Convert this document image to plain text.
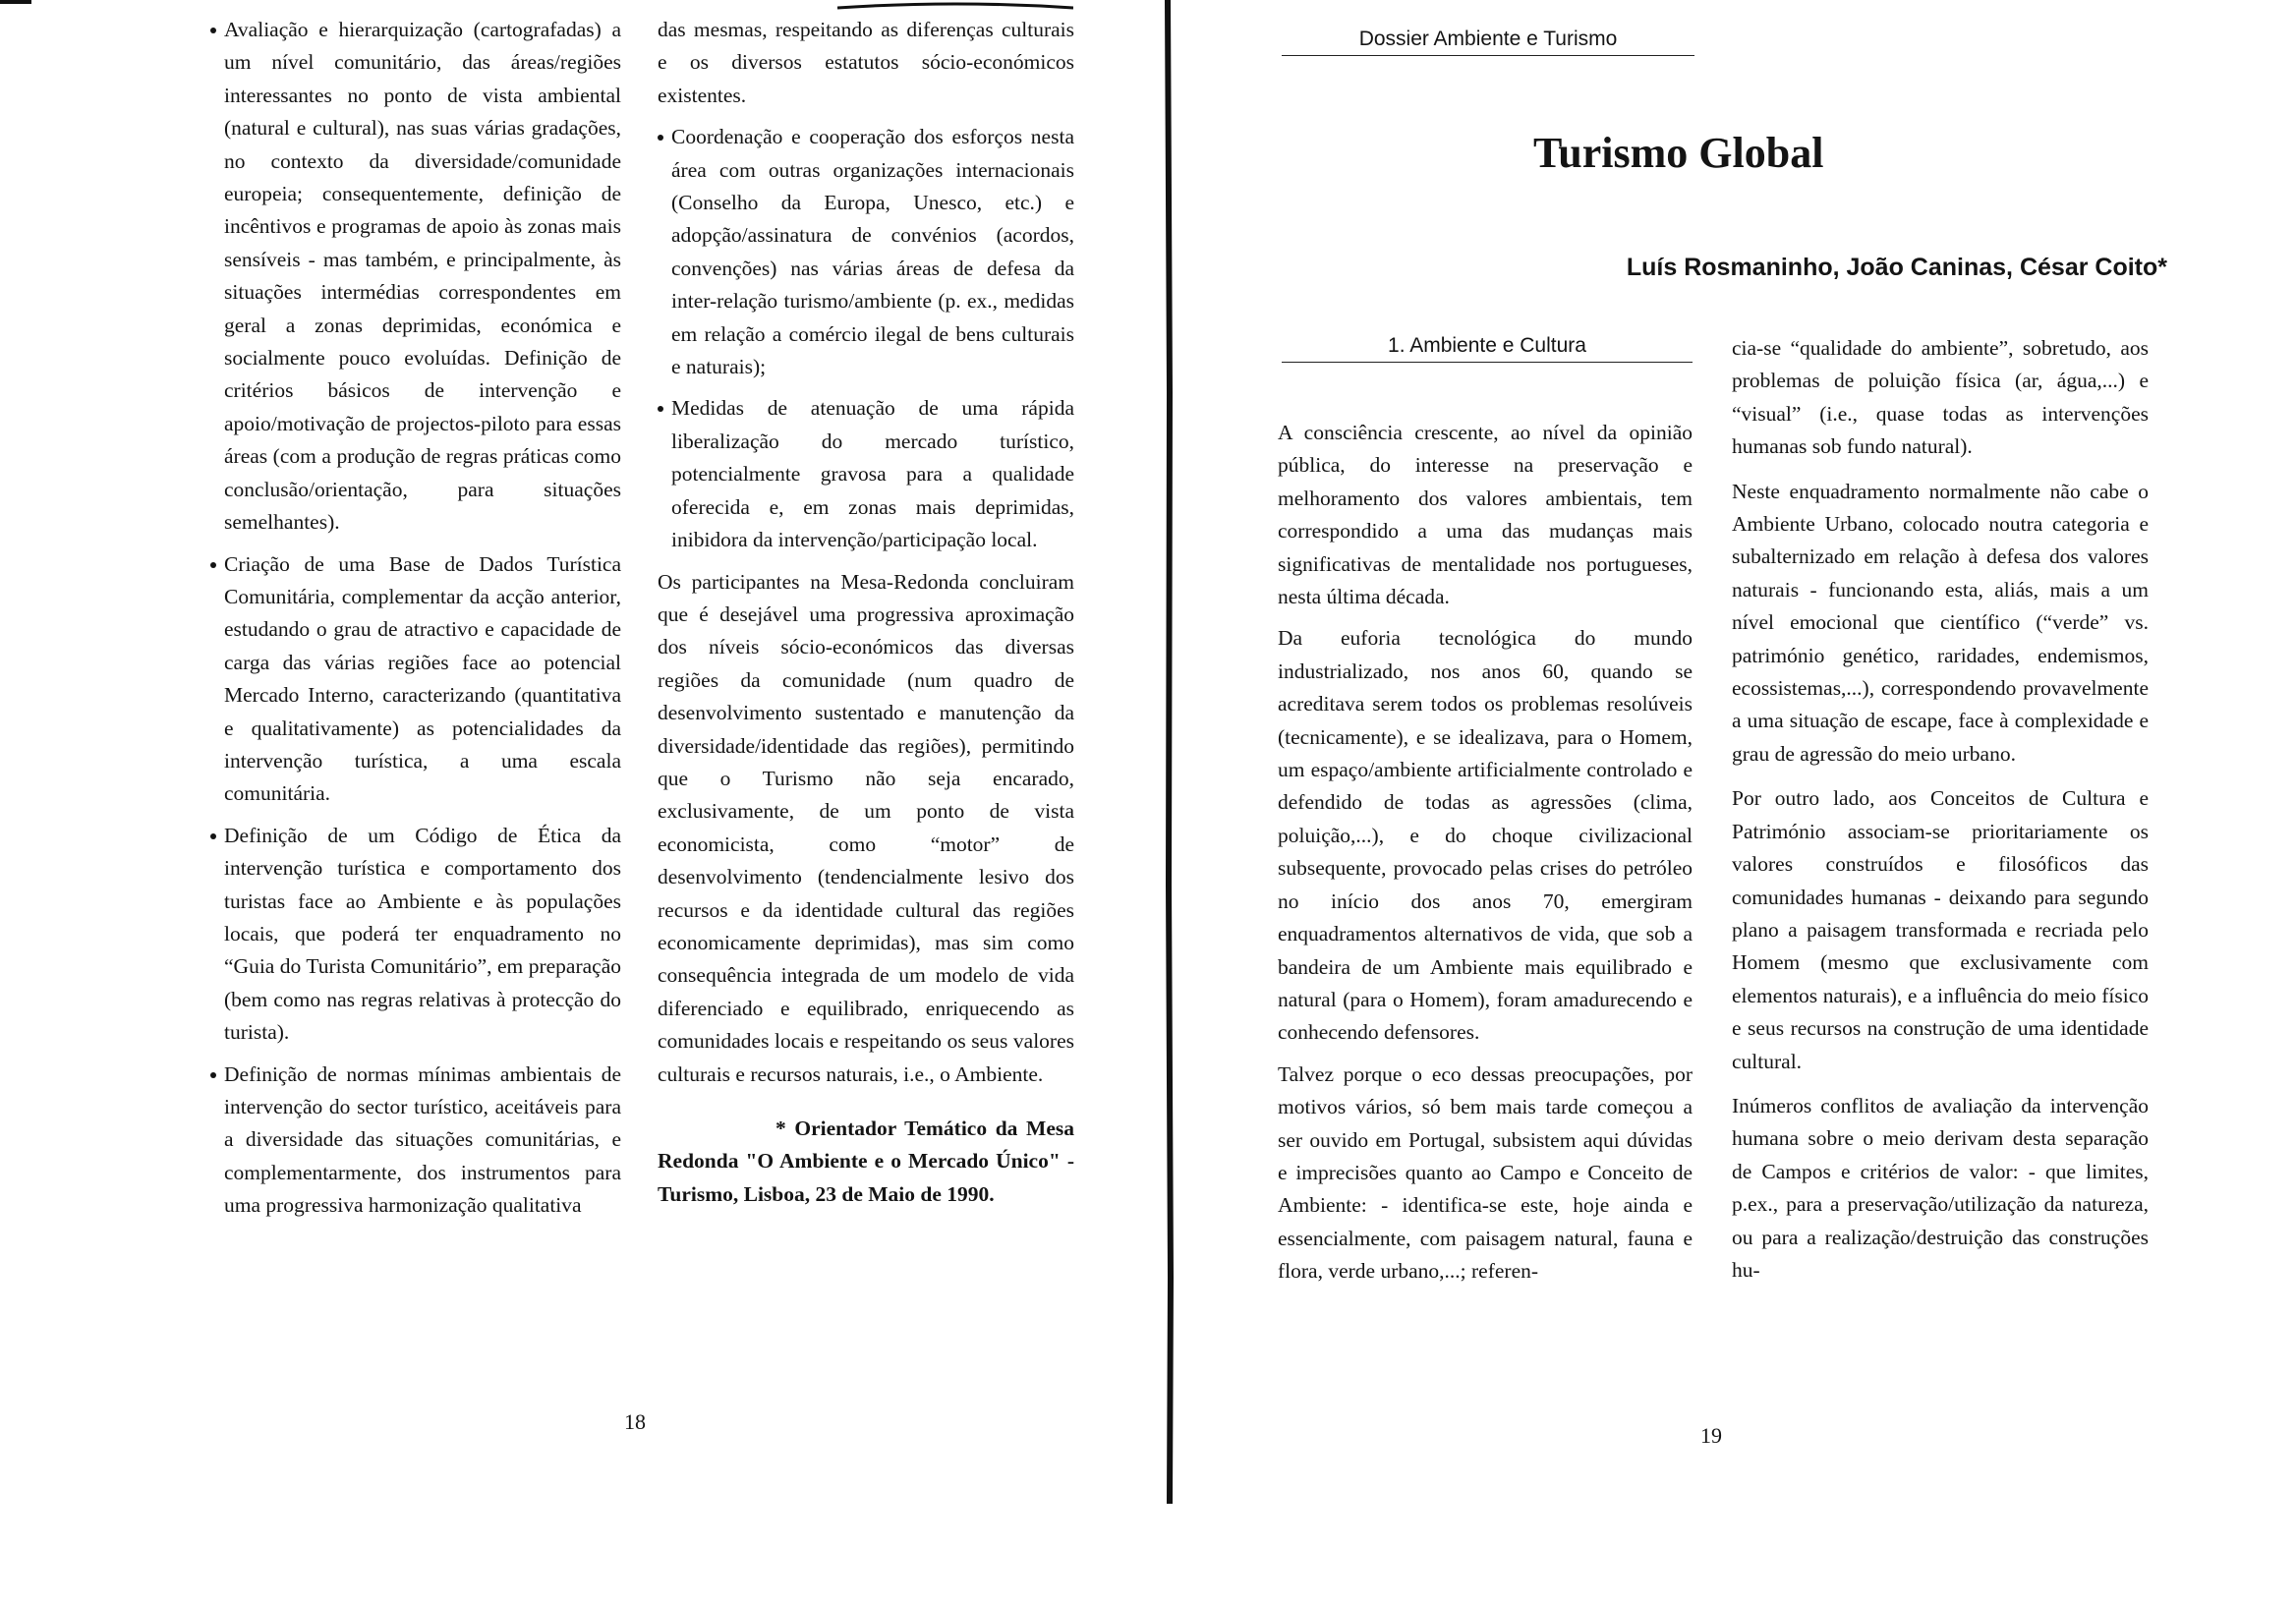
Avaliação e hierarquização (cartografadas) a um nível comunitário, das áreas/regiões interessantes no ponto de vista ambiental (natural e cultural), nas suas várias gradações, no contexto da diversidade/comunidade europeia; consequentemente, definição de incêntivos e programas de apoio às zonas mais sensíveis - mas também, e principalmente, às situações intermédias correspondentes em geral a zonas deprimidas, económica e socialmente pouco evoluídas. Definição de critérios básicos de intervenção e apoio/motivação de projectos-piloto para essas áreas (com a produção de regras práticas como conclusão/orientação, para situações semelhantes).

Criação de uma Base de Dados Turística Comunitária, complementar da acção anterior, estudando o grau de atractivo e capacidade de carga das várias regiões face ao potencial Mercado Interno, caracterizando (quantitativa e qualitativamente) as potencialidades da intervenção turística, a uma escala comunitária.

Definição de um Código de Ética da intervenção turística e comportamento dos turistas face ao Ambiente e às populações locais, que poderá ter enquadramento no “Guia do Turista Comunitário”, em preparação (bem como nas regras relativas à protecção do turista).

Definição de normas mínimas ambientais de intervenção do sector turístico, aceitáveis para a diversidade das situações comunitárias, e complementarmente, dos instrumentos para uma progressiva harmonização qualitativa

das mesmas, respeitando as diferenças culturais e os diversos estatutos sócio-económicos existentes.

Coordenação e cooperação dos esforços nesta área com outras organizações internacionais (Conselho da Europa, Unesco, etc.) e adopção/assinatura de convénios (acordos, convenções) nas várias áreas de defesa da inter-relação turismo/ambiente (p. ex., medidas em relação a comércio ilegal de bens culturais e naturais);

Medidas de atenuação de uma rápida liberalização do mercado turístico, potencialmente gravosa para a qualidade oferecida e, em zonas mais deprimidas, inibidora da intervenção/participação local.

Os participantes na Mesa-Redonda concluiram que é desejável uma progressiva aproximação dos níveis sócio-económicos das diversas regiões da comunidade (num quadro de desenvolvimento sustentado e manutenção da diversidade/identidade das regiões), permitindo que o Turismo não seja encarado, exclusivamente, de um ponto de vista economicista, como “motor” de desenvolvimento (tendencialmente lesivo dos recursos e da identidade cultural das regiões economicamente deprimidas), mas sim como consequência integrada de um modelo de vida diferenciado e equilibrado, enriquecendo as comunidades locais e respeitando os seus valores culturais e recursos naturais, i.e., o Ambiente.

* Orientador Temático da Mesa Redonda "O Ambiente e o Mercado Único" - Turismo, Lisboa, 23 de Maio de 1990.

18
Dossier Ambiente e Turismo
Turismo Global
Luís Rosmaninho, João Caninas, César Coito*
1. Ambiente e Cultura

A consciência crescente, ao nível da opinião pública, do interesse na preservação e melhoramento dos valores ambientais, tem correspondido a uma das mudanças mais significativas de mentalidade nos portugueses, nesta última década.

Da euforia tecnológica do mundo industrializado, nos anos 60, quando se acreditava serem todos os problemas resolúveis (tecnicamente), e se idealizava, para o Homem, um espaço/ambiente artificialmente controlado e defendido de todas as agressões (clima, poluição,...), e do choque civilizacional subsequente, provocado pelas crises do petróleo no início dos anos 70, emergiram enquadramentos alternativos de vida, que sob a bandeira de um Ambiente mais equilibrado e natural (para o Homem), foram amadurecendo e conhecendo defensores.

Talvez porque o eco dessas preocupações, por motivos vários, só bem mais tarde começou a ser ouvido em Portugal, subsistem aqui dúvidas e imprecisões quanto ao Campo e Conceito de Ambiente: - identifica-se este, hoje ainda e essencialmente, com paisagem natural, fauna e flora, verde urbano,...; referen-

cia-se “qualidade do ambiente”, sobretudo, aos problemas de poluição física (ar, água,...) e “visual” (i.e., quase todas as intervenções humanas sob fundo natural).

Neste enquadramento normalmente não cabe o Ambiente Urbano, colocado noutra categoria e subalternizado em relação à defesa dos valores naturais - funcionando esta, aliás, mais a um nível emocional que científico (“verde” vs. património genético, raridades, endemismos, ecossistemas,...), correspondendo provavelmente a uma situação de escape, face à complexidade e grau de agressão do meio urbano.

Por outro lado, aos Conceitos de Cultura e Património associam-se prioritariamente os valores construídos e filosóficos das comunidades humanas - deixando para segundo plano a paisagem transformada e recriada pelo Homem (mesmo que exclusivamente com elementos naturais), e a influência do meio físico e seus recursos na construção de uma identidade cultural.

Inúmeros conflitos de avaliação da intervenção humana sobre o meio derivam desta separação de Campos e critérios de valor: - que limites, p.ex., para a preservação/utilização da natureza, ou para a realização/destruição das construções hu-

19
